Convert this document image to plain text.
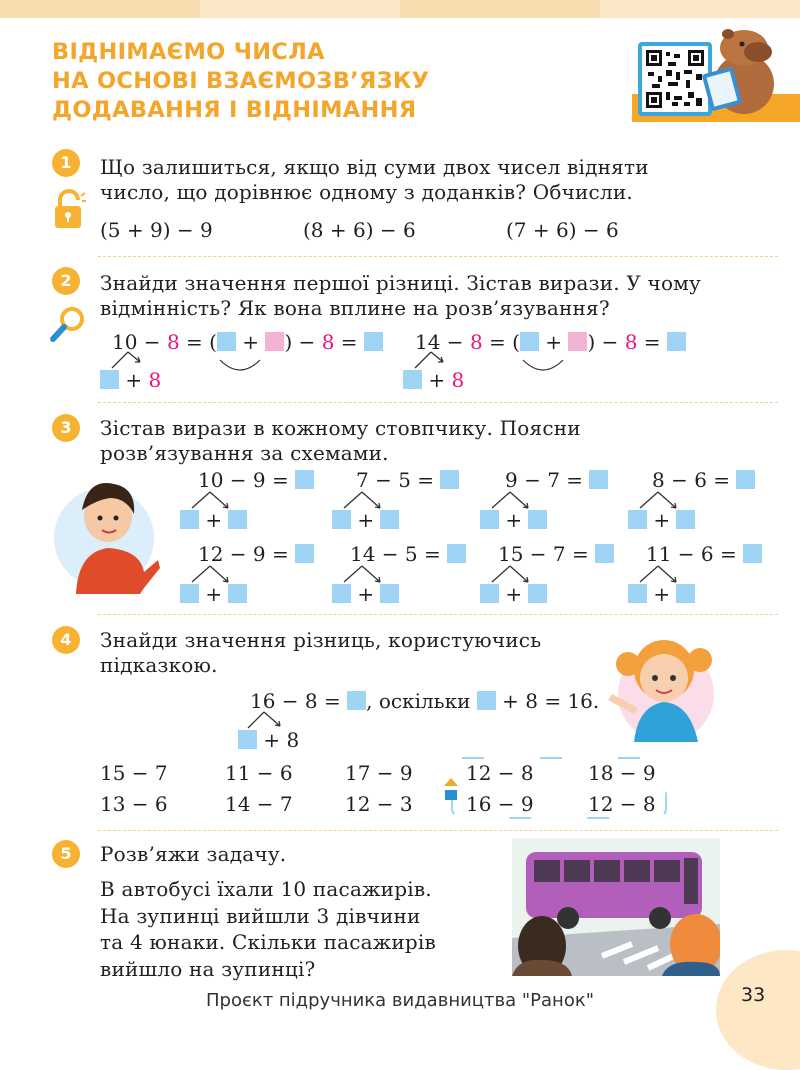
ВІДНІМАЄМО ЧИСЛА
НА ОСНОВІ ВЗАЄМОЗВ’ЯЗКУ
ДОДАВАННЯ І ВІДНІМАННЯ
1	Що залишиться, якщо від суми двох чисел відняти
число, що дорівнює одному з доданків? Обчисли.
(5 + 9) − 9	(8 + 6) − 6	(7 + 6) − 6
2	Знайди значення першої різниці. Зістав вирази. У чому
відмінність? Як вона вплине на розв’язування?
10 − 8 = ( + ) − 8 =
+ 8
14 − 8 = ( + ) − 8 =
+ 8
3	Зістав вирази в кожному стовпчику. Поясни
розв’язування за схемами.
10 − 9 =	7 − 5 =	9 − 7 =	8 − 6 =
+	+	+	+
12 − 9 =	14 − 5 =	15 − 7 =	11 − 6 =
+	+	+	+
4	Знайди значення різниць, користуючись
підказкою.
16 − 8 = , оскільки + 8 = 16.
+ 8
15 − 7	11 − 6	17 − 9	12 − 8	18 − 9
13 − 6	14 − 7	12 − 3	16 − 9	12 − 8
5	Розв’яжи задачу.
В автобусі їхали 10 пасажирів.
На зупинці вийшли 3 дівчини
та 4 юнаки. Скільки пасажирів
вийшло на зупинці?
Проєкт підручника видавництва "Ранок"	33
